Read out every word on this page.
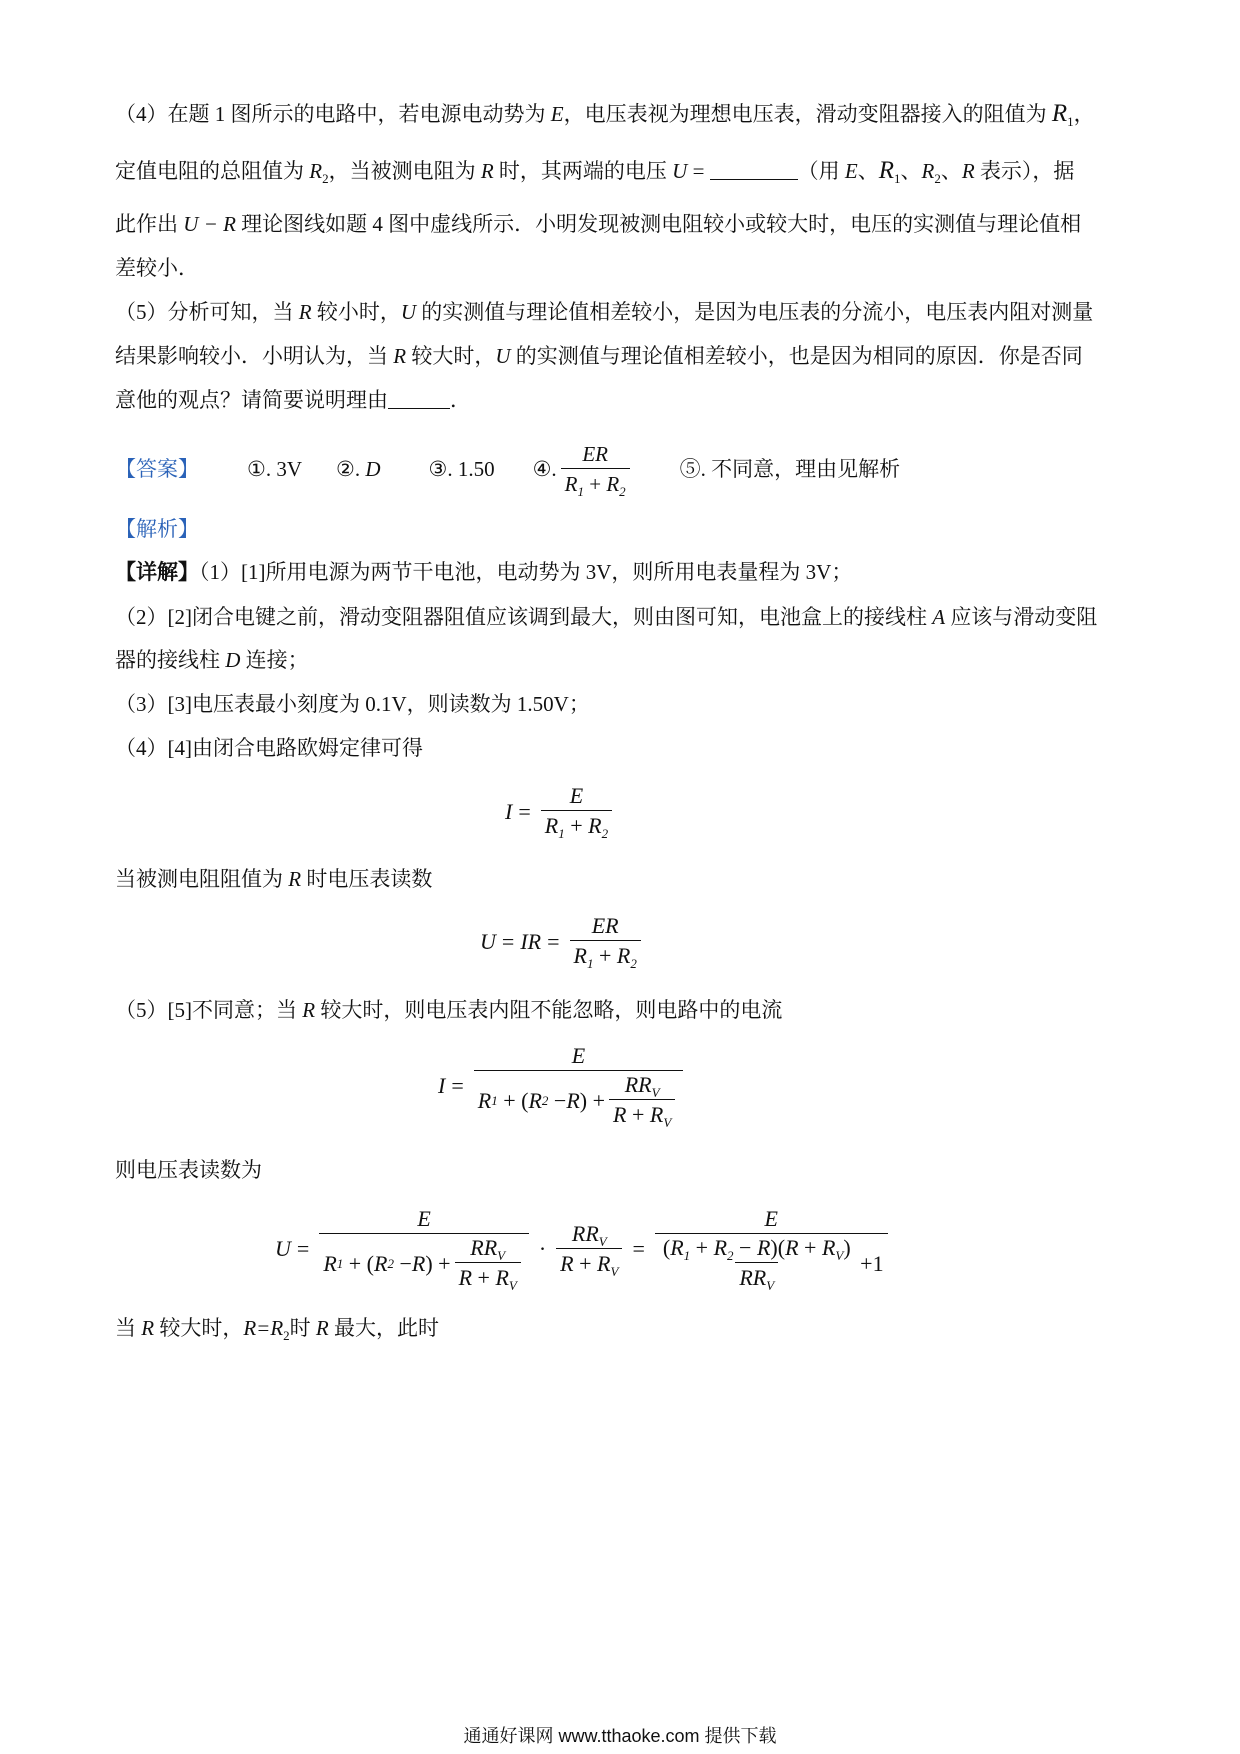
（4）在题 1 图所示的电路中，若电源电动势为 E，电压表视为理想电压表，滑动变阻器接入的阻值为 $R_1$，
定值电阻的总阻值为 $R_2$，当被测电阻为 R 时，其两端的电压 U =	（用 E、$R_1$、$R_2$、R 表示），据
此作出 U − R 理论图线如题 4 图中虚线所示．小明发现被测电阻较小或较大时，电压的实测值与理论值相
差较小．
（5）分析可知，当 R 较小时，U 的实测值与理论值相差较小，是因为电压表的分流小，电压表内阻对测量
结果影响较小．小明认为，当 R 较大时，U 的实测值与理论值相差较小，也是因为相同的原因．你是否同
意他的观点？请简要说明理由	．
【答案】 ①. 3V ②. D ③. 1.50 ④. $\frac{ER}{R_1 + R_2}$ ⑤. 不同意，理由见解析
【解析】
【详解】（1）[1]所用电源为两节干电池，电动势为 3V，则所用电表量程为 3V；
（2）[2]闭合电键之前，滑动变阻器阻值应该调到最大，则由图可知，电池盒上的接线柱 A 应该与滑动变阻
器的接线柱 D 连接；
（3）[3]电压表最小刻度为 0.1V，则读数为 1.50V；
（4）[4]由闭合电路欧姆定律可得
$I = \frac{E}{R_1 + R_2}$
当被测电阻阻值为 R 时电压表读数
U = IR = $\frac{ER}{R_1 + R_2}$
（5）[5]不同意；当 R 较大时，则电压表内阻不能忽略，则电路中的电流
$I = \frac{E}{R 1 + ( R 2 - R ) + \frac{RR_V}{R + R_V}}$
则电压表读数为
$U = \frac{E}{R 1 + ( R 2 - R ) + \frac{RR_V}{R + R_V}} \cdot \frac{RR_V}{R + R_V} = \frac{E}{\frac{(R_1 + R_2 - R)(R + R_V)}{RR_V} +1}$
当 R 较大时，$R=R_2$时 R 最大，此时
通通好课网 www.tthaoke.com 提供下载
